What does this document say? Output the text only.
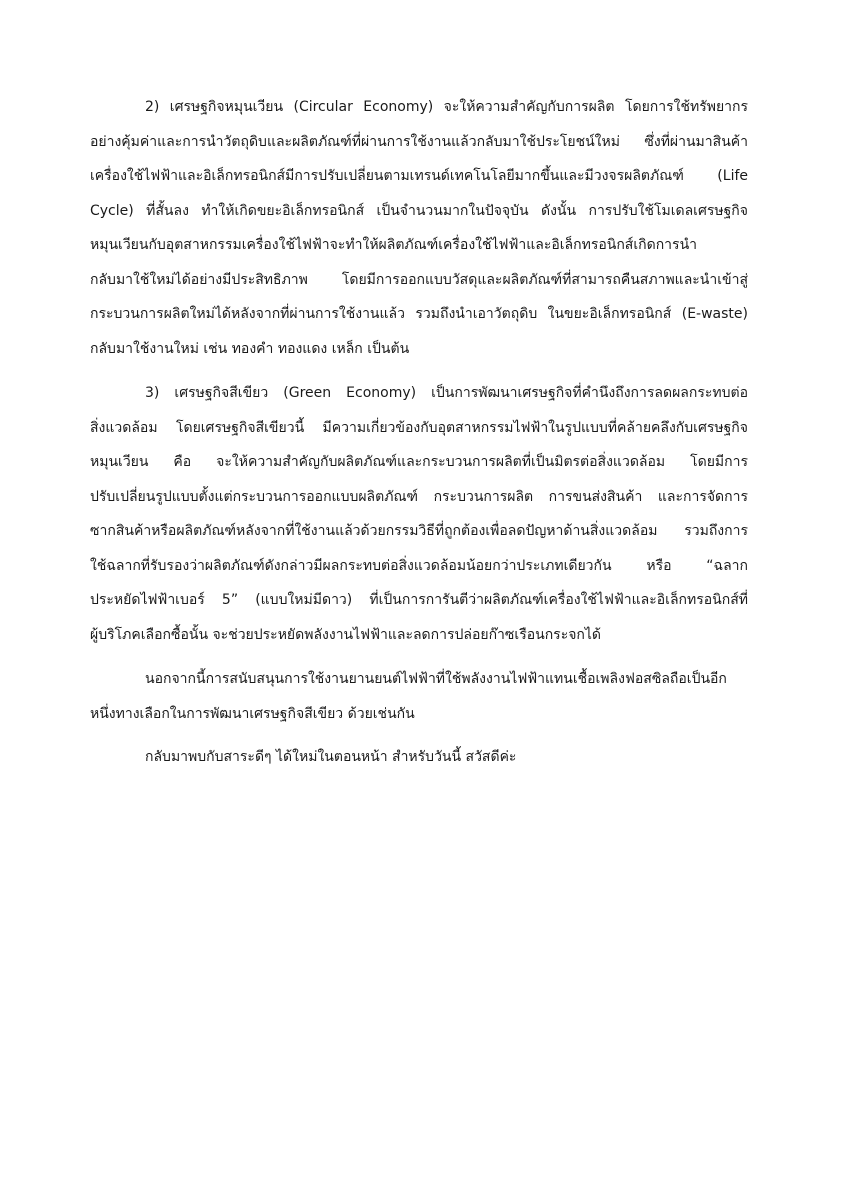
2) เศรษฐกิจหมุนเวียน (Circular Economy) จะให้ความสำคัญกับการผลิต โดยการใช้ทรัพยากร
อย่างคุ้มค่าและการนำวัตถุดิบและผลิตภัณฑ์ที่ผ่านการใช้งานแล้วกลับมาใช้ประโยชน์ใหม่ ซึ่งที่ผ่านมาสินค้า
เครื่องใช้ไฟฟ้าและอิเล็กทรอนิกส์มีการปรับเปลี่ยนตามเทรนด์เทคโนโลยีมากขึ้นและมีวงจรผลิตภัณฑ์ (Life
Cycle) ที่สั้นลง ทำให้เกิดขยะอิเล็กทรอนิกส์ เป็นจำนวนมากในปัจจุบัน ดังนั้น การปรับใช้โมเดลเศรษฐกิจ
หมุนเวียนกับอุตสาหกรรมเครื่องใช้ไฟฟ้าจะทำให้ผลิตภัณฑ์เครื่องใช้ไฟฟ้าและอิเล็กทรอนิกส์เกิดการนำ
กลับมาใช้ใหม่ได้อย่างมีประสิทธิภาพ โดยมีการออกแบบวัสดุและผลิตภัณฑ์ที่สามารถคืนสภาพและนำเข้าสู่
กระบวนการผลิตใหม่ได้หลังจากที่ผ่านการใช้งานแล้ว รวมถึงนำเอาวัตถุดิบ ในขยะอิเล็กทรอนิกส์ (E-waste)
กลับมาใช้งานใหม่ เช่น ทองคำ ทองแดง เหล็ก เป็นต้น
3) เศรษฐกิจสีเขียว (Green Economy) เป็นการพัฒนาเศรษฐกิจที่คำนึงถึงการลดผลกระทบต่อ
สิ่งแวดล้อม โดยเศรษฐกิจสีเขียวนี้ มีความเกี่ยวข้องกับอุตสาหกรรมไฟฟ้าในรูปแบบที่คล้ายคลึงกับเศรษฐกิจ
หมุนเวียน คือ จะให้ความสำคัญกับผลิตภัณฑ์และกระบวนการผลิตที่เป็นมิตรต่อสิ่งแวดล้อม โดยมีการ
ปรับเปลี่ยนรูปแบบตั้งแต่กระบวนการออกแบบผลิตภัณฑ์ กระบวนการผลิต การขนส่งสินค้า และการจัดการ
ซากสินค้าหรือผลิตภัณฑ์หลังจากที่ใช้งานแล้วด้วยกรรมวิธีที่ถูกต้องเพื่อลดปัญหาด้านสิ่งแวดล้อม รวมถึงการ
ใช้ฉลากที่รับรองว่าผลิตภัณฑ์ดังกล่าวมีผลกระทบต่อสิ่งแวดล้อมน้อยกว่าประเภทเดียวกัน หรือ “ฉลาก
ประหยัดไฟฟ้าเบอร์ 5” (แบบใหม่มีดาว) ที่เป็นการการันตีว่าผลิตภัณฑ์เครื่องใช้ไฟฟ้าและอิเล็กทรอนิกส์ที่
ผู้บริโภคเลือกซื้อนั้น จะช่วยประหยัดพลังงานไฟฟ้าและลดการปล่อยก๊าซเรือนกระจกได้
นอกจากนี้การสนับสนุนการใช้งานยานยนต์ไฟฟ้าที่ใช้พลังงานไฟฟ้าแทนเชื้อเพลิงฟอสซิลถือเป็นอีก
หนึ่งทางเลือกในการพัฒนาเศรษฐกิจสีเขียว ด้วยเช่นกัน
กลับมาพบกับสาระดีๆ ได้ใหม่ในตอนหน้า สำหรับวันนี้ สวัสดีค่ะ
